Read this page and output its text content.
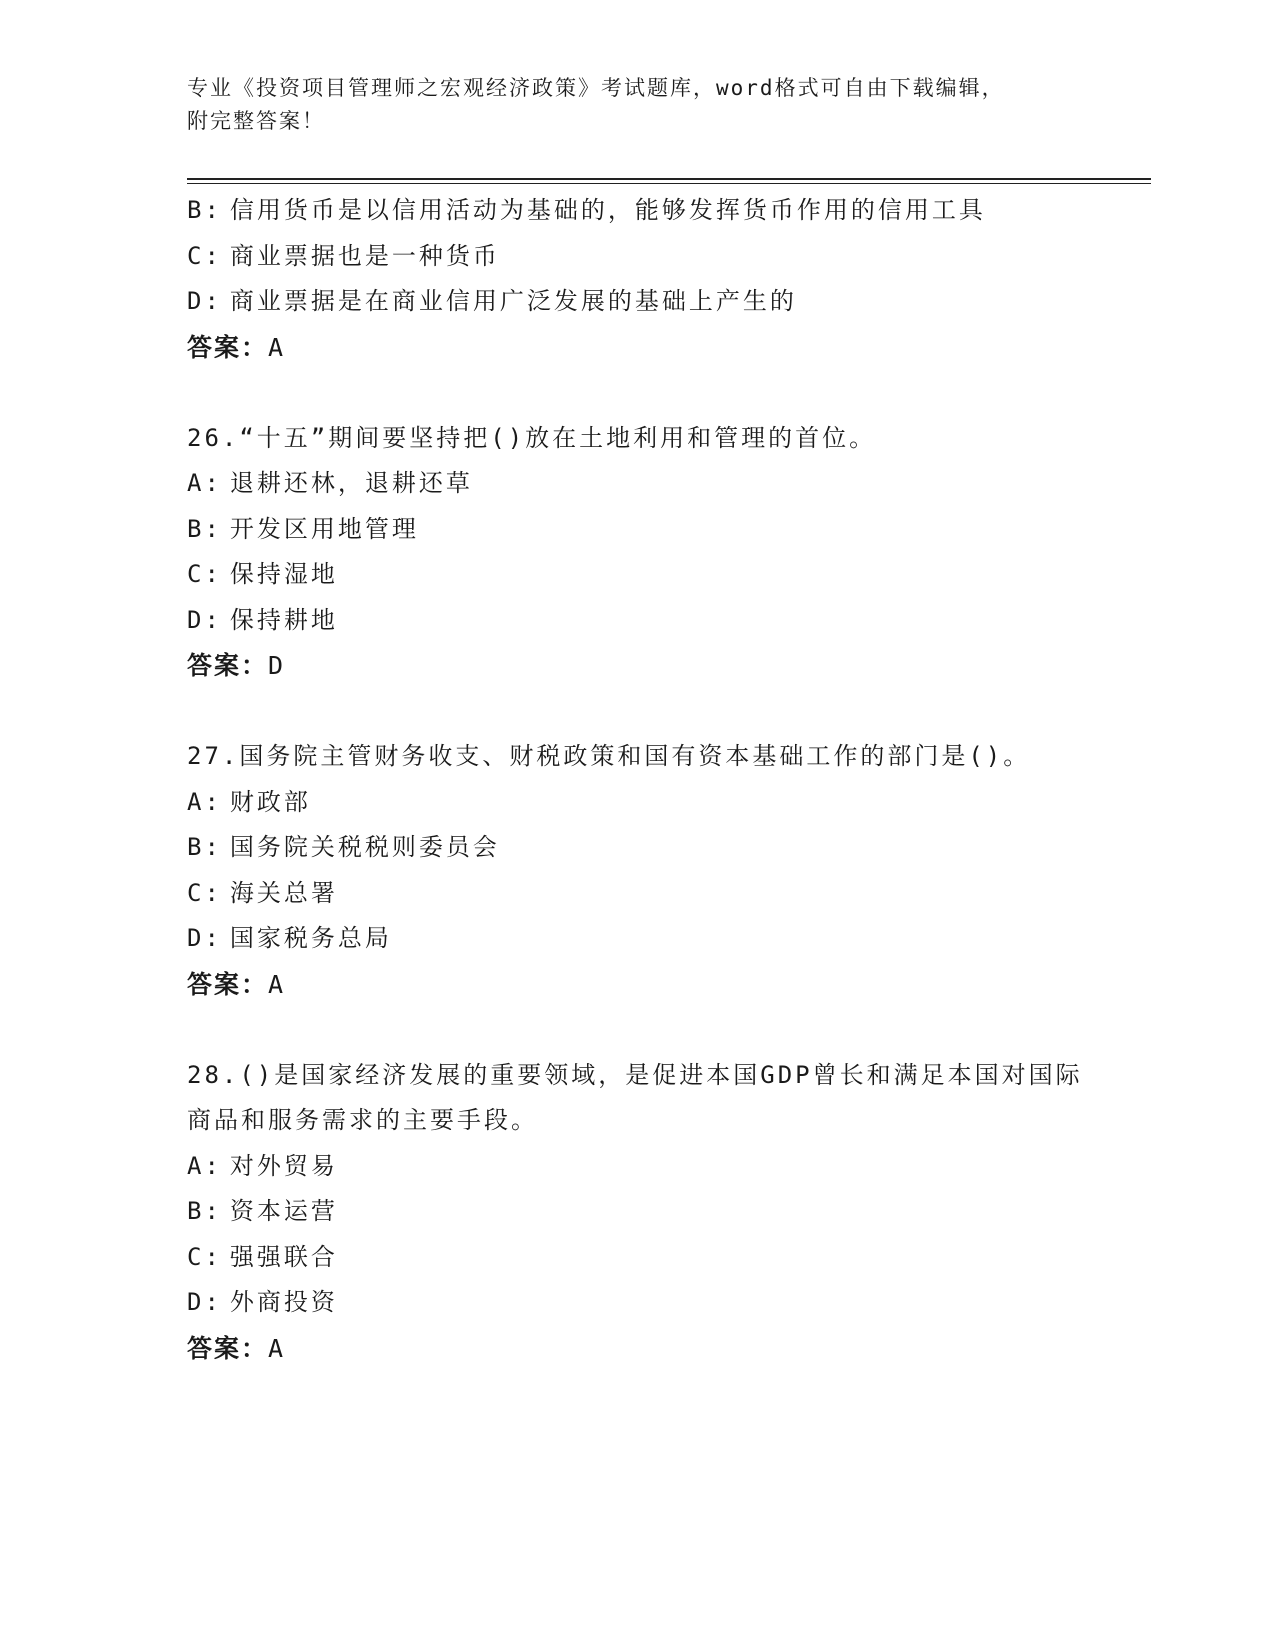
专业《投资项目管理师之宏观经济政策》考试题库，word格式可自由下载编辑，
附完整答案！
B: 信用货币是以信用活动为基础的，能够发挥货币作用的信用工具
C: 商业票据也是一种货币
D: 商业票据是在商业信用广泛发展的基础上产生的
答案：A
26.“十五”期间要坚持把()放在土地利用和管理的首位。
A: 退耕还林，退耕还草
B: 开发区用地管理
C: 保持湿地
D: 保持耕地
答案：D
27.国务院主管财务收支、财税政策和国有资本基础工作的部门是()。
A: 财政部
B: 国务院关税税则委员会
C: 海关总署
D: 国家税务总局
答案：A
28.()是国家经济发展的重要领域，是促进本国GDP曾长和满足本国对国际商品和服务需求的主要手段。
A: 对外贸易
B: 资本运营
C: 强强联合
D: 外商投资
答案：A
